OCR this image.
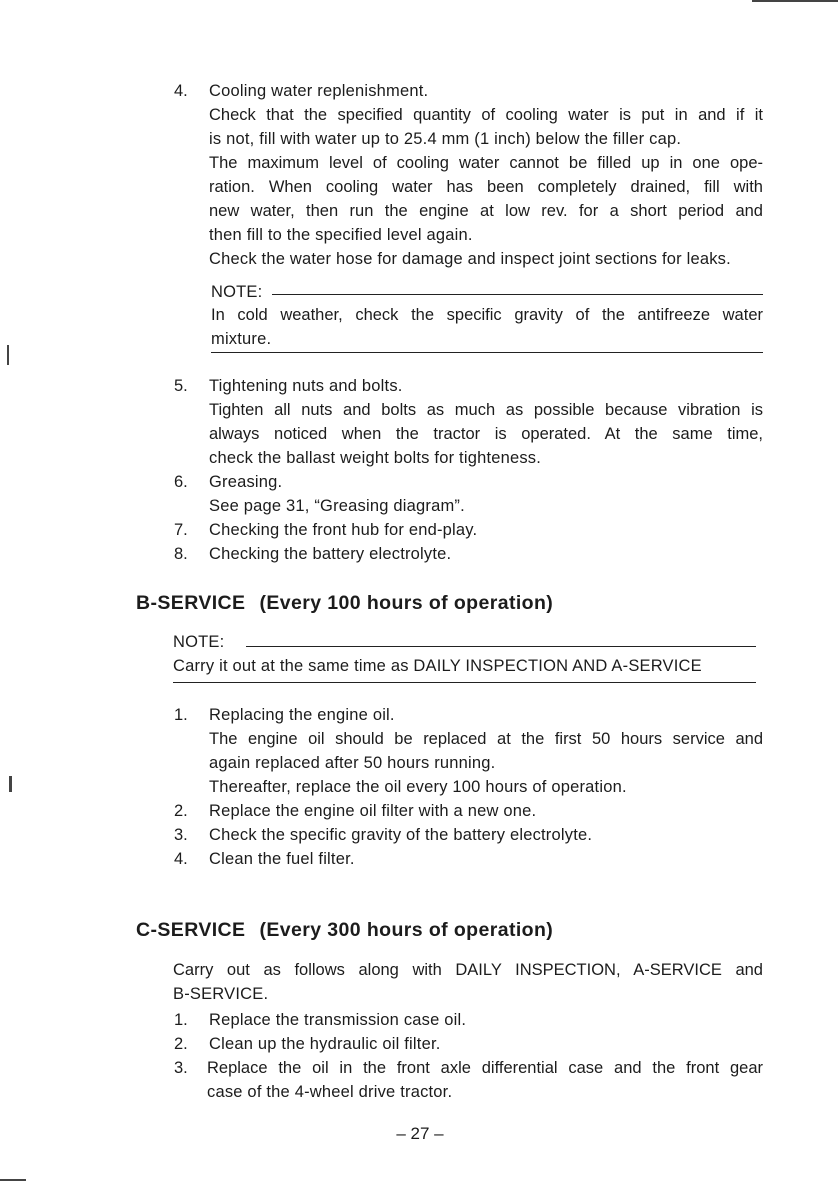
4. Cooling water replenishment.
Check that the specified quantity of cooling water is put in and if it
is not, fill with water up to 25.4 mm (1 inch) below the filler cap.
The maximum level of cooling water cannot be filled up in one ope-
ration. When cooling water has been completely drained, fill with
new water, then run the engine at low rev. for a short period and
then fill to the specified level again.
Check the water hose for damage and inspect joint sections for leaks.
NOTE:
In cold weather, check the specific gravity of the antifreeze water
mixture.
5. Tightening nuts and bolts.
Tighten all nuts and bolts as much as possible because vibration is
always noticed when the tractor is operated. At the same time,
check the ballast weight bolts for tighteness.
6. Greasing.
See page 31, “Greasing diagram”.
7. Checking the front hub for end-play.
8. Checking the battery electrolyte.
B-SERVICE (Every 100 hours of operation)
NOTE:
Carry it out at the same time as DAILY INSPECTION AND A-SERVICE
1. Replacing the engine oil.
The engine oil should be replaced at the first 50 hours service and
again replaced after 50 hours running.
Thereafter, replace the oil every 100 hours of operation.
2. Replace the engine oil filter with a new one.
3. Check the specific gravity of the battery electrolyte.
4. Clean the fuel filter.
C-SERVICE (Every 300 hours of operation)
Carry out as follows along with DAILY INSPECTION, A-SERVICE and
B-SERVICE.
1. Replace the transmission case oil.
2. Clean up the hydraulic oil filter.
3. Replace the oil in the front axle differential case and the front gear
case of the 4-wheel drive tractor.
– 27 –
